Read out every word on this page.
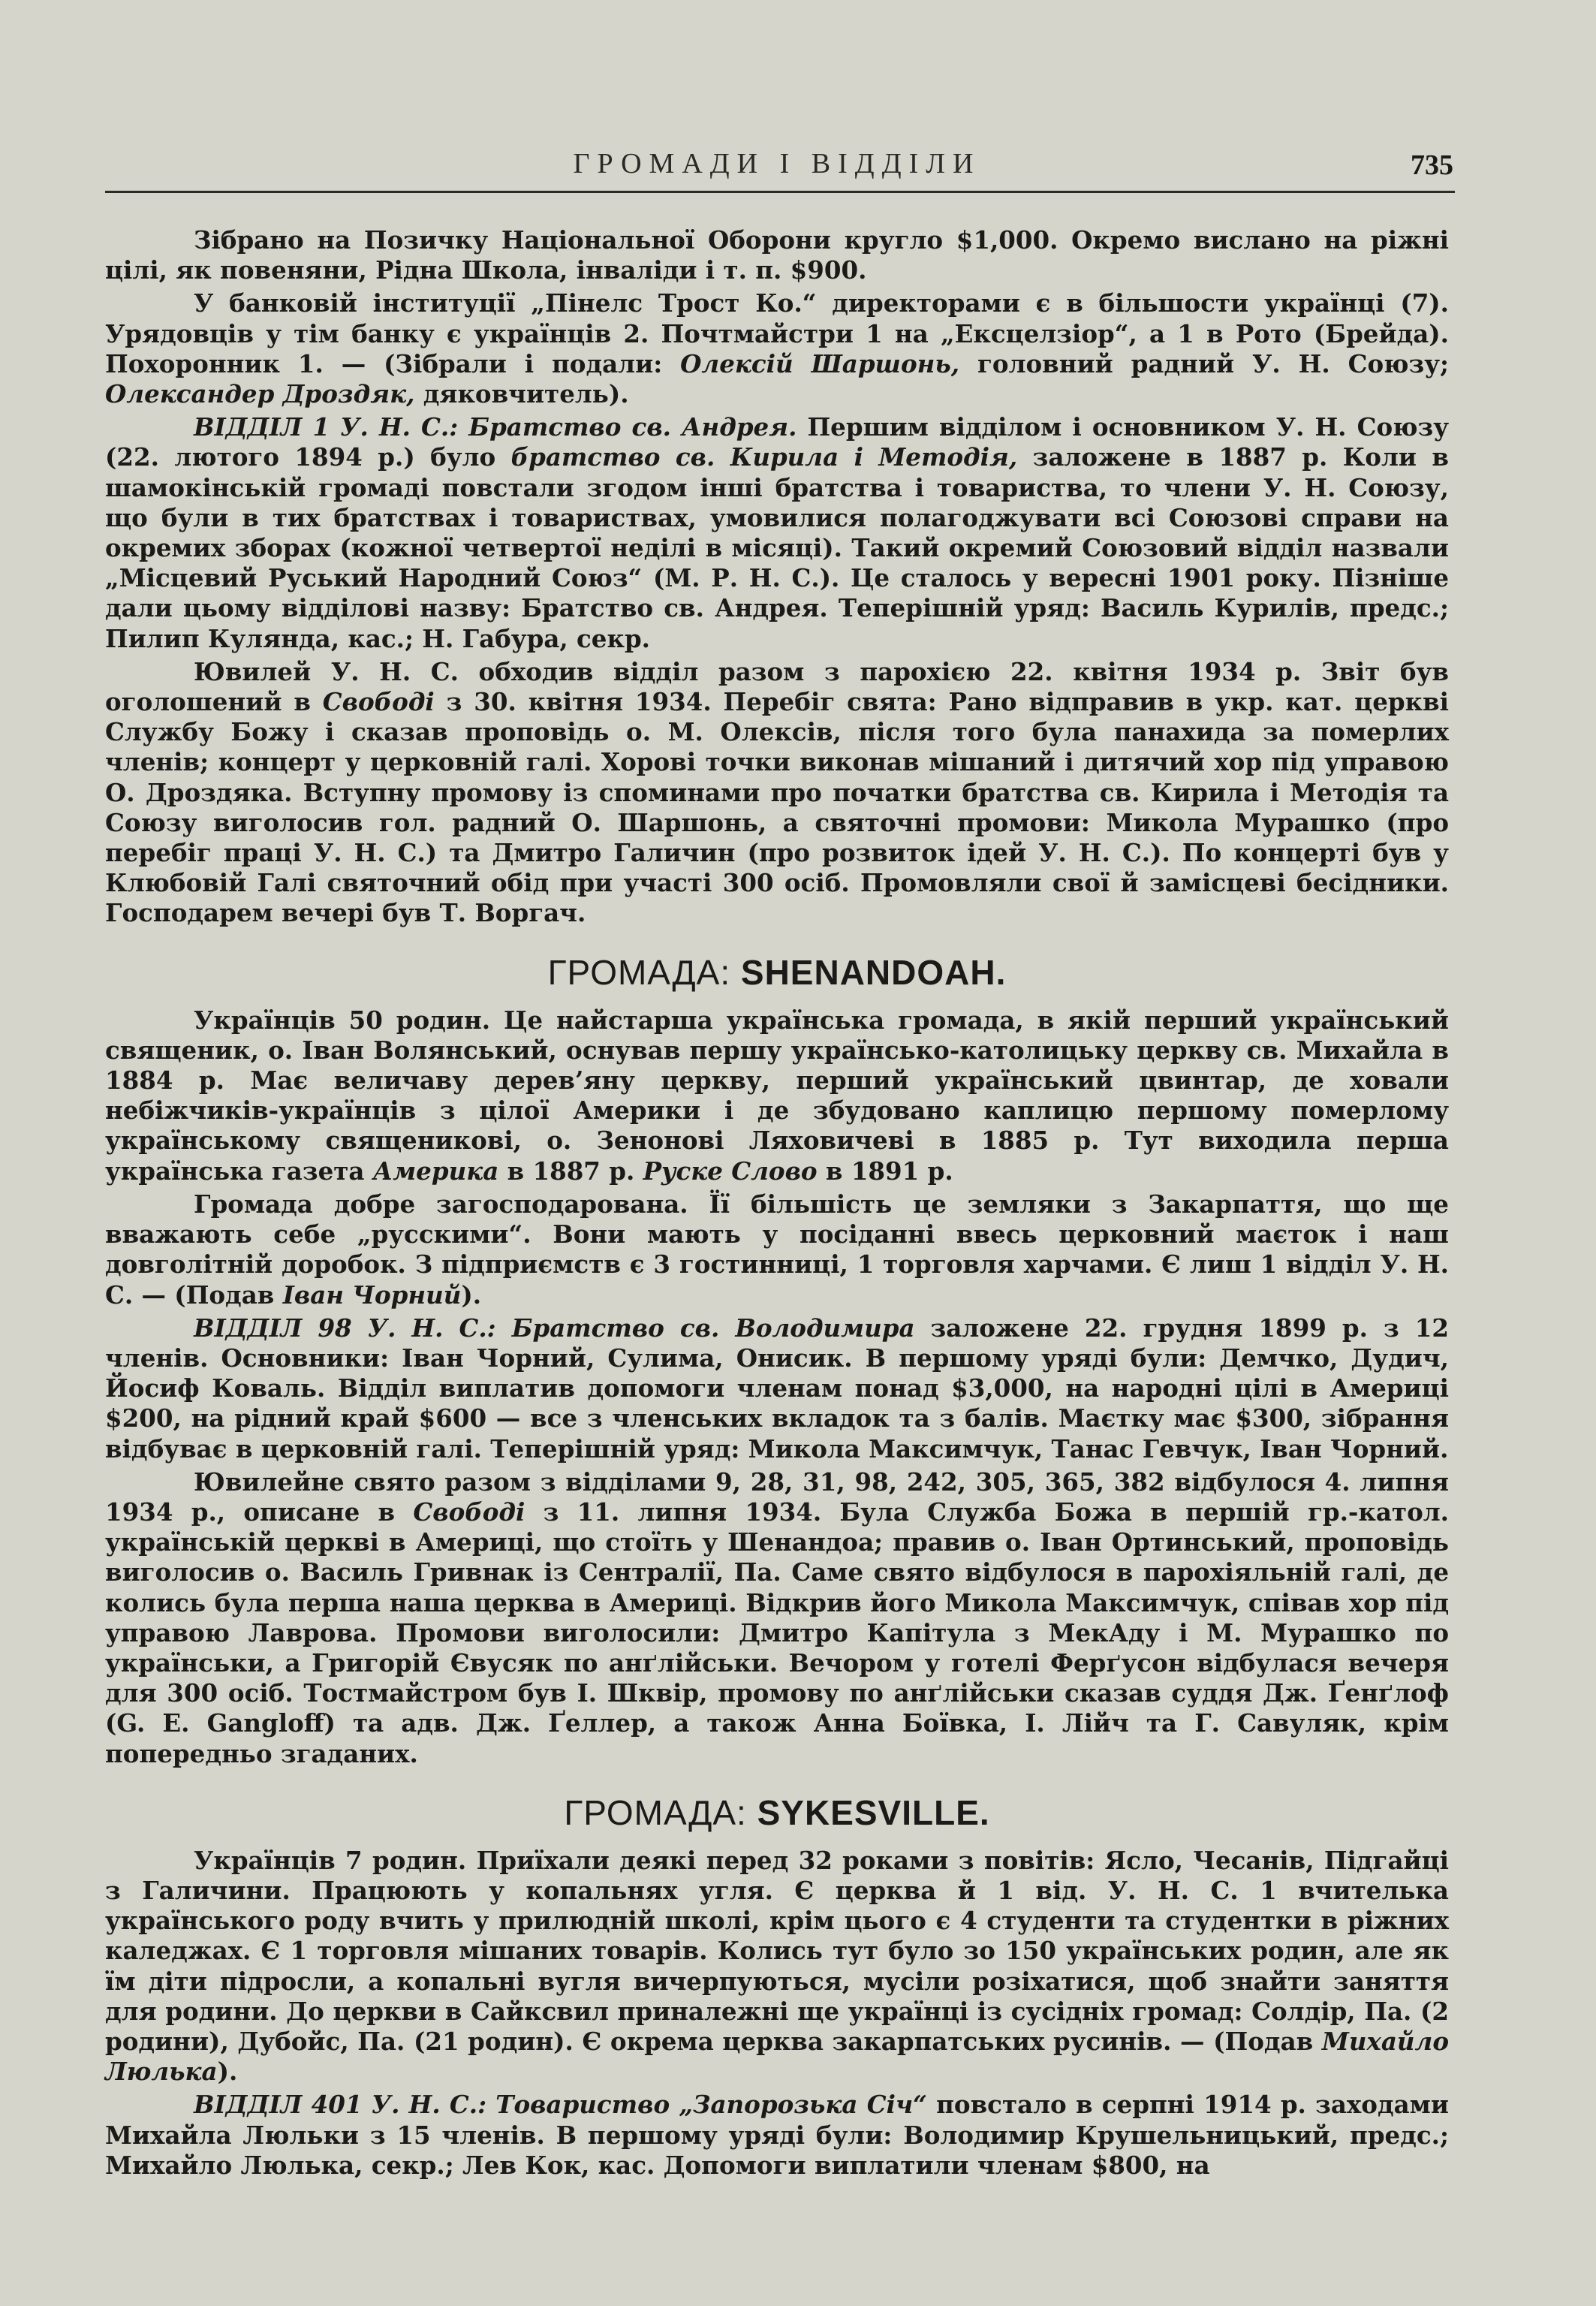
ГРОМАДИ І ВІДДІЛИ	735

Зібрано на Позичку Національної Оборони кругло $1,000. Окремо вислано на ріжні цілі, як повеняни, Рідна Школа, інваліди і т. п. $900.

У банковій інституції „Пінелс Трост Ко.“ директорами є в більшости українці (7). Урядовців у тім банку є українців 2. Почтмайстри 1 на „Ексцелзіор“, а 1 в Рото (Брейда). Похоронник 1. — (Зібрали і подали: Олексій Шаршонь, головний радний У. Н. Союзу; Олександер Дроздяк, дяковчитель).

ВІДДІЛ 1 У. Н. С.: Братство св. Андрея. Першим відділом і основником У. Н. Союзу (22. лютого 1894 р.) було братство св. Кирила і Методія, заложене в 1887 р. Коли в шамокінській громаді повстали згодом інші братства і товариства, то члени У. Н. Союзу, що були в тих братствах і товариствах, умовилися полагоджувати всі Союзові справи на окремих зборах (кожної четвертої неділі в місяці). Такий окремий Союзовий відділ назвали „Місцевий Руський Народний Союз“ (М. Р. Н. С.). Це сталось у вересні 1901 року. Пізніше дали цьому відділові назву: Братство св. Андрея. Теперішній уряд: Василь Курилів, предс.; Пилип Кулянда, кас.; Н. Габура, секр.

Ювилей У. Н. С. обходив відділ разом з парохією 22. квітня 1934 р. Звіт був оголошений в Свободі з 30. квітня 1934. Перебіг свята: Рано відправив в укр. кат. церкві Службу Божу і сказав проповідь о. М. Олексів, після того була панахида за померлих членів; концерт у церковній галі. Хорові точки виконав мішаний і дитячий хор під управою О. Дроздяка. Вступну промову із споминами про початки братства св. Кирила і Методія та Союзу виголосив гол. радний О. Шаршонь, а святочні промови: Микола Мурашко (про перебіг праці У. Н. С.) та Дмитро Галичин (про розвиток ідей У. Н. С.). По концерті був у Клюбовій Галі святочний обід при участі 300 осіб. Промовляли свої й замісцеві бесідники. Господарем вечері був Т. Воргач.

ГРОМАДА: SHENANDOAH.

Українців 50 родин. Це найстарша українська громада, в якій перший український священик, о. Іван Волянський, оснував першу українсько-католицьку церкву св. Михайла в 1884 р. Має величаву дерев’яну церкву, перший український цвинтар, де ховали небіжчиків-українців з цілої Америки і де збудовано каплицю першому померлому українському священикові, о. Зенонові Ляховичеві в 1885 р. Тут виходила перша українська газета Америка в 1887 р. Руске Слово в 1891 р.

Громада добре загосподарована. Її більшість це земляки з Закарпаття, що ще вважають себе „русскими“. Вони мають у посіданні ввесь церковний маєток і наш довголітній доробок. З підприємств є 3 гостинниці, 1 торговля харчами. Є лиш 1 відділ У. Н. С. — (Подав Іван Чорний).

ВІДДІЛ 98 У. Н. С.: Братство св. Володимира заложене 22. грудня 1899 р. з 12 членів. Основники: Іван Чорний, Сулима, Онисик. В першому уряді були: Демчко, Дудич, Йосиф Коваль. Відділ виплатив допомоги членам понад $3,000, на народні цілі в Америці $200, на рідний край $600 — все з членських вкладок та з балів. Маєтку має $300, зібрання відбуває в церковній галі. Теперішній уряд: Микола Максимчук, Танас Гевчук, Іван Чорний.

Ювилейне свято разом з відділами 9, 28, 31, 98, 242, 305, 365, 382 відбулося 4. липня 1934 р., описане в Свободі з 11. липня 1934. Була Служба Божа в першій гр.-катол. українській церкві в Америці, що стоїть у Шенандоа; правив о. Іван Ортинський, проповідь виголосив о. Василь Гривнак із Сентралії, Па. Саме свято відбулося в парохіяльній галі, де колись була перша наша церква в Америці. Відкрив його Микола Максимчук, співав хор під управою Лаврова. Промови виголосили: Дмитро Капітула з МекАду і М. Мурашко по українськи, а Григорій Євусяк по анґлійськи. Вечором у готелі Ферґусон відбулася вечеря для 300 осіб. Тостмайстром був І. Шквір, промову по анґлійськи сказав суддя Дж. Ґенґлоф (G. E. Gangloff) та адв. Дж. Ґеллер, а також Анна Боївка, І. Лійч та Г. Савуляк, крім попередньо згаданих.

ГРОМАДА: SYKESVILLE.

Українців 7 родин. Приїхали деякі перед 32 роками з повітів: Ясло, Чесанів, Підгайці з Галичини. Працюють у копальнях угля. Є церква й 1 від. У. Н. С. 1 вчителька українського роду вчить у прилюдній школі, крім цього є 4 студенти та студентки в ріжних каледжах. Є 1 торговля мішаних товарів. Колись тут було зо 150 українських родин, але як їм діти підросли, а копальні вугля вичерпуються, мусіли розіхатися, щоб знайти заняття для родини. До церкви в Сайксвил приналежні ще українці із сусідніх громад: Солдір, Па. (2 родини), Дубойс, Па. (21 родин). Є окрема церква закарпатських русинів. — (Подав Михайло Люлька).

ВІДДІЛ 401 У. Н. С.: Товариство „Запорозька Січ“ повстало в серпні 1914 р. заходами Михайла Люльки з 15 членів. В першому уряді були: Володимир Крушельницький, предс.; Михайло Люлька, секр.; Лев Кок, кас. Допомоги виплатили членам $800, на
